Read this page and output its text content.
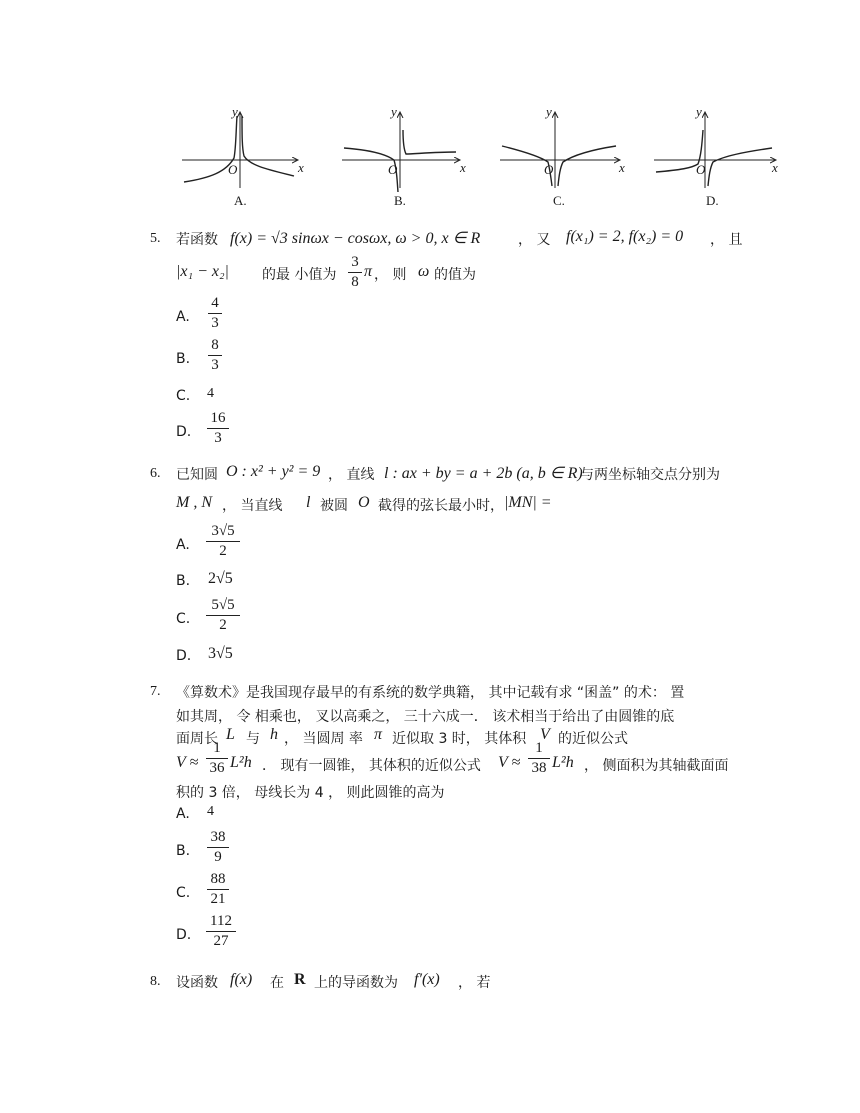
y
x
O
y
x
O
y
x
O
y
x
O
A.	B.	C.	D.
5. 若函数 f(x) = √3 sinωx − cosωx, ω > 0, x ∈ R	， 又 f(x₁) = 2, f(x₂) = 0 ， 且
|x₁ − x₂| 的最 小值为
3
8
π ， 则 ω 的值为
A.
4
3
B.
8
3
C. 4
D.
16
3
6. 已知圆 O : x² + y² = 9 ， 直线 l : ax + by = a + 2b (a, b ∈ R)
与两坐标轴交点分别为
M , N ， 当直线 l 被圆 O 截得的弦长最小时， |MN| =
A.
3√5
2
B. 2√5
C.
5√5
2
D. 3√5
7. 《算数术》是我国现存最早的有系统的数学典籍， 其中记载有求 “囷盖” 的术： 置
如其周， 令 相乘也， 叉以高乘之， 三十六成一． 该术相当于给出了由圆锥的底
面周长 L 与 h ， 当圆周 率 π 近似取 3 时， 其体积 V 的近似公式
V ≈
1
36 L²h ． 现有一圆锥， 其体积的近似公式 V ≈
1
38 L²h ， 侧面积为其轴截面面
积的 3 倍， 母线长为 4 ， 则此圆锥的高为
A. 4
B.
38
9
C.
88
21
D.
112
27
8. 设函数 f(x) 在 R 上的导函数为 f′(x) ， 若
